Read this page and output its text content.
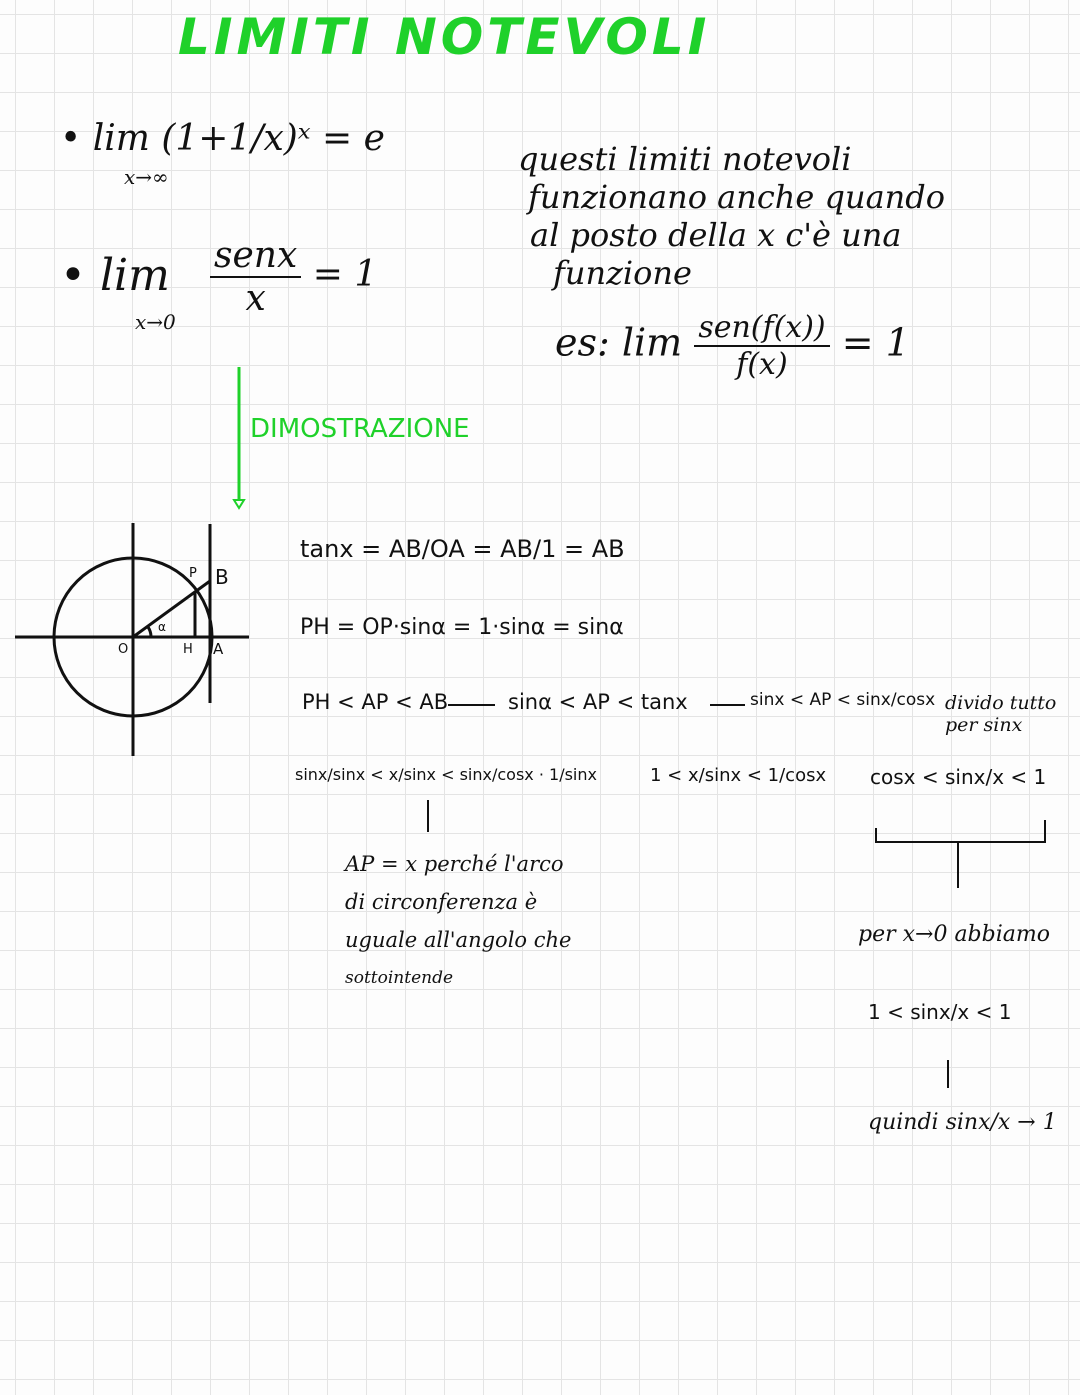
LIMITI NOTEVOLI
• lim (1+1/x)ˣ = e
x→∞
• lim
x→0
$\frac{\text{senx}}{x} = 1$
questi limiti notevoli
funzionano anche quando
al posto della x c'è una
funzione
es: $\lim \frac{\text{sen(f(x))}}{f(x)} = 1$
DIMOSTRAZIONE
O	H A
P B
α
tanx = AB/OA = AB/1 = AB
PH = OP·sinα = 1·sinα = sinα
PH < AP < AB	sinα < AP < tanx	sinx < AP < sinx/cosx divido tutto per sinx
sinx/sinx < x/sinx < sinx/cosx · 1/sinx	1 < x/sinx < 1/cosx cosx < sinx/x < 1
AP = x perché l'arco
di circonferenza è
uguale all'angolo che
sottointende
per x→0 abbiamo
1 < sinx/x < 1
quindi sinx/x → 1
